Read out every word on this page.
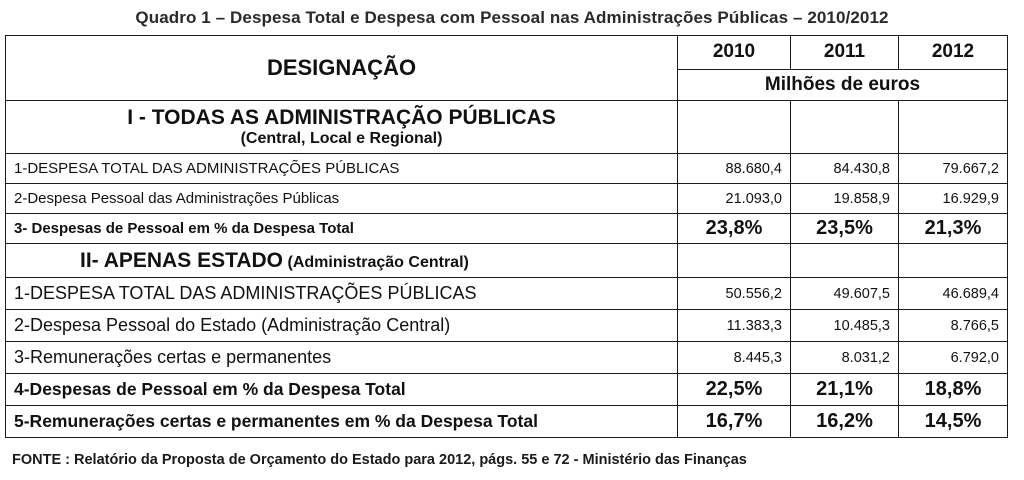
Quadro 1 – Despesa Total e Despesa com Pessoal nas Administrações Públicas – 2010/2012
DESIGNAÇÃO	2010	2011	2012
	Milhões de euros		

I - TODAS AS ADMINISTRAÇÃO PÚBLICAS
(Central, Local e Regional)			

1-DESPESA TOTAL DAS ADMINISTRAÇÕES PÚBLICAS	88.680,4	84.430,8	79.667,2
2-Despesa Pessoal das Administrações Públicas	21.093,0	19.858,9	16.929,9
3- Despesas de Pessoal em % da Despesa Total	23,8%	23,5%	21,3%
II- APENAS ESTADO (Administração Central)			
1-DESPESA TOTAL DAS ADMINISTRAÇÕES PÚBLICAS	50.556,2	49.607,5	46.689,4
2-Despesa Pessoal do Estado (Administração Central)	11.383,3	10.485,3	8.766,5
3-Remunerações certas e permanentes	8.445,3	8.031,2	6.792,0
4-Despesas de Pessoal em % da Despesa Total	22,5%	21,1%	18,8%
5-Remunerações certas e permanentes em % da Despesa Total	16,7%	16,2%	14,5%
FONTE : Relatório da Proposta de Orçamento do Estado para 2012, págs. 55 e 72 - Ministério das Finanças
